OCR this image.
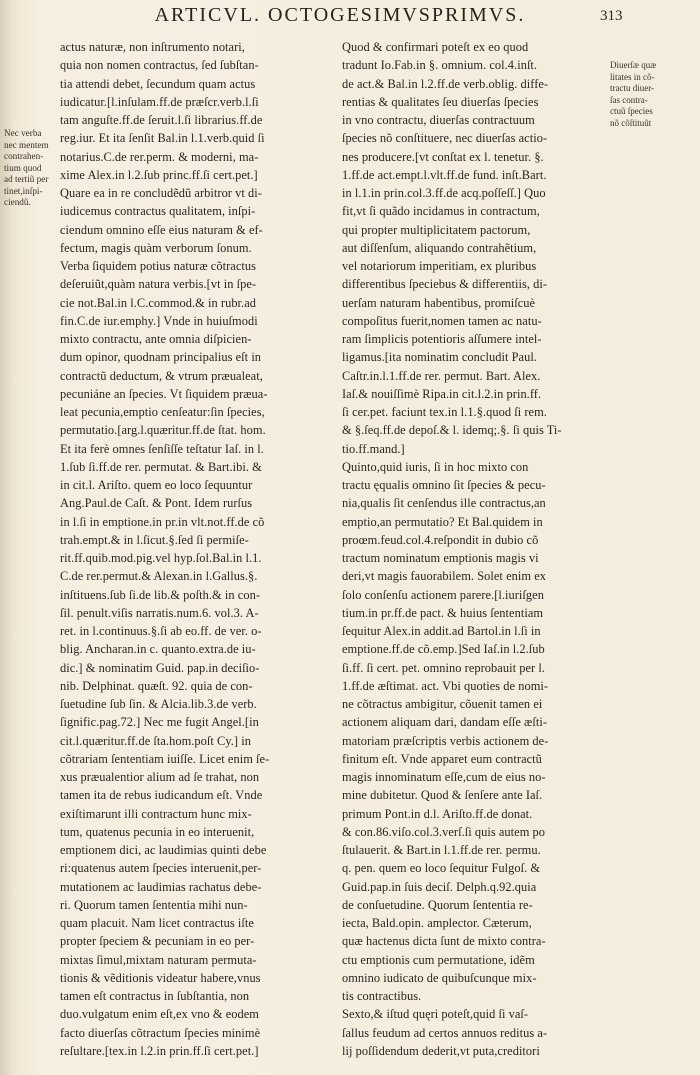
ARTICVL. OCTOGESIMVSPRIMVS.	313
Nec verba
nec mentem
contrahen-
tium quod
ad tertiũ per
tinet,inſpi-
ciendũ.
Diuerſæ quæ
litates in cõ-
tractu diuer-
ſas contra-
ctuũ ſpecies
nõ cõſtituũt
actus naturæ, non inſtrumento notari,
quia non nomen contractus, ſed ſubſtan-
tia attendi debet, ſecundum quam actus
iudicatur.[l.inſulam.ff.de præſcr.verb.l.ſi
tam anguſte.ff.de ſeruit.l.ſi librarius.ff.de
reg.iur. Et ita ſenſit Bal.in l.1.verb.quid ſi
notarius.C.de rer.perm. & moderni, ma-
xime Alex.in l.2.ſub princ.ff.ſi cert.pet.]
Quare ea in re concludẽdũ arbitror vt di-
iudicemus contractus qualitatem, inſpi-
ciendum omnino eſſe eius naturam & ef-
fectum, magis quàm verborum ſonum.
Verba ſiquidem potius naturæ cõtractus
deſeruiũt,quàm natura verbis.[vt in ſpe-
cie not.Bal.in l.C.commod.& in rubr.ad
fin.C.de iur.emphy.] Vnde in huiuſmodi
mixto contractu, ante omnia diſpicien-
dum opinor, quodnam principalius eſt in
contractũ deductum, & vtrum præualeat,
pecuniáne an ſpecies. Vt ſiquidem præua-
leat pecunia,emptio cenſeatur:ſin ſpecies,
permutatio.[arg.l.quæritur.ff.de ſtat. hom.
Et ita ferè omnes ſenſiſſe teſtatur Iaſ. in l.
1.ſub ſi.ff.de rer. permutat. & Bart.ibi. &
in cit.l. Ariſto. quem eo loco ſequuntur
Ang.Paul.de Caſt. & Pont. Idem rurſus
in l.ſi in emptione.in pr.in vlt.not.ff.de cõ
trah.empt.& in l.ſicut.§.ſed ſi permiſe-
rit.ff.quib.mod.pig.vel hyp.ſol.Bal.in l.1.
C.de rer.permut.& Alexan.in l.Gallus.§.
inſtituens.ſub ſi.de lib.& poſth.& in con-
ſil. penult.viſis narratis.num.6. vol.3. A-
ret. in l.continuus.§.ſi ab eo.ff. de ver. o-
blig. Ancharan.in c. quanto.extra.de iu-
dic.] & nominatim Guid. pap.in deciſio-
nib. Delphinat. quæſt. 92. quia de con-
ſuetudine ſub ſin. & Alcia.lib.3.de verb.
ſignific.pag.72.] Nec me fugit Angel.[in
cit.l.quæritur.ff.de ſta.hom.poſt Cy.] in
cõtrariam ſententiam iuiſſe. Licet enim ſe-
xus præualentior alium ad ſe trahat, non
tamen ita de rebus iudicandum eſt. Vnde
exiſtimarunt illi contractum hunc mix-
tum, quatenus pecunia in eo interuenit,
emptionem dici, ac laudimias quinti debe
ri:quatenus autem ſpecies interuenit,per-
mutationem ac laudimias rachatus debe-
ri. Quorum tamen ſententia mihi nun-
quam placuit. Nam licet contractus iſte
propter ſpeciem & pecuniam in eo per-
mixtas ſimul,mixtam naturam permuta-
tionis & vẽditionis videatur habere,vnus
tamen eſt contractus in ſubſtantia, non
duo.vulgatum enim eſt,ex vno & eodem
facto diuerſas cõtractum ſpecies minimè
reſultare.[tex.in l.2.in prin.ff.ſi cert.pet.]
Quod & confirmari poteſt ex eo quod
tradunt Io.Fab.in §. omnium. col.4.inſt.
de act.& Bal.in l.2.ff.de verb.oblig. diffe-
rentias & qualitates ſeu diuerſas ſpecies
in vno contractu, diuerſas contractuum
ſpecies nõ conſtituere, nec diuerſas actio-
nes producere.[vt conſtat ex l. tenetur. §.
1.ff.de act.empt.l.vlt.ff.de fund. inſt.Bart.
in l.1.in prin.col.3.ff.de acq.poſſeſſ.] Quo
fit,vt ſi quãdo incidamus in contractum,
qui propter multiplicitatem pactorum,
aut diſſenſum, aliquando contrahẽtium,
vel notariorum imperitiam, ex pluribus
differentibus ſpeciebus & differentiis, di-
uerſam naturam habentibus, promiſcuè
compoſitus fuerit,nomen tamen ac natu-
ram ſimplicis potentioris aſſumere intel-
ligamus.[ita nominatim concludit Paul.
Caſtr.in.l.1.ff.de rer. permut. Bart. Alex.
Iaſ.& nouiſſimè Ripa.in cit.l.2.in prin.ff.
ſi cer.pet. faciunt tex.in l.1.§.quod ſi rem.
& §.ſeq.ff.de depoſ.& l. idemq;.§. ſi quis Ti-
tio.ff.mand.]
Quinto,quid iuris, ſi in hoc mixto con
tractu ęqualis omnino ſit ſpecies & pecu-
nia,qualis ſit cenſendus ille contractus,an
emptio,an permutatio? Et Bal.quidem in
proœm.feud.col.4.reſpondit in dubio cõ
tractum nominatum emptionis magis vi
deri,vt magis fauorabilem. Solet enim ex
ſolo conſenſu actionem parere.[l.iuriſgen
tium.in pr.ff.de pact. & huius ſententiam
ſequitur Alex.in addit.ad Bartol.in l.ſi in
emptione.ff.de cõ.emp.]Sed Iaſ.in l.2.ſub
ſi.ff. ſi cert. pet. omnino reprobauit per l.
1.ff.de æſtimat. act. Vbi quoties de nomi-
ne cõtractus ambigitur, cõuenit tamen ei
actionem aliquam dari, dandam eſſe æſti-
matoriam præſcriptis verbis actionem de-
finitum eſt. Vnde apparet eum contractũ
magis innominatum eſſe,cum de eius no-
mine dubitetur. Quod & ſenſere ante Iaſ.
primum Pont.in d.l. Ariſto.ff.de donat.
& con.86.viſo.col.3.verſ.ſi quis autem po
ſtulauerit. & Bart.in l.1.ff.de rer. permu.
q. pen. quem eo loco ſequitur Fulgoſ. &
Guid.pap.in ſuis deciſ. Delph.q.92.quia
de conſuetudine. Quorum ſententia re-
iecta, Bald.opin. amplector. Cæterum,
quæ hactenus dicta ſunt de mixto contra-
ctu emptionis cum permutatione, idẽm
omnino iudicato de quibuſcunque mix-
tis contractibus.
Sexto,& iſtud quęri poteſt,quid ſi vaſ-
ſallus feudum ad certos annuos reditus a-
lij poſſidendum dederit,vt puta,creditori
